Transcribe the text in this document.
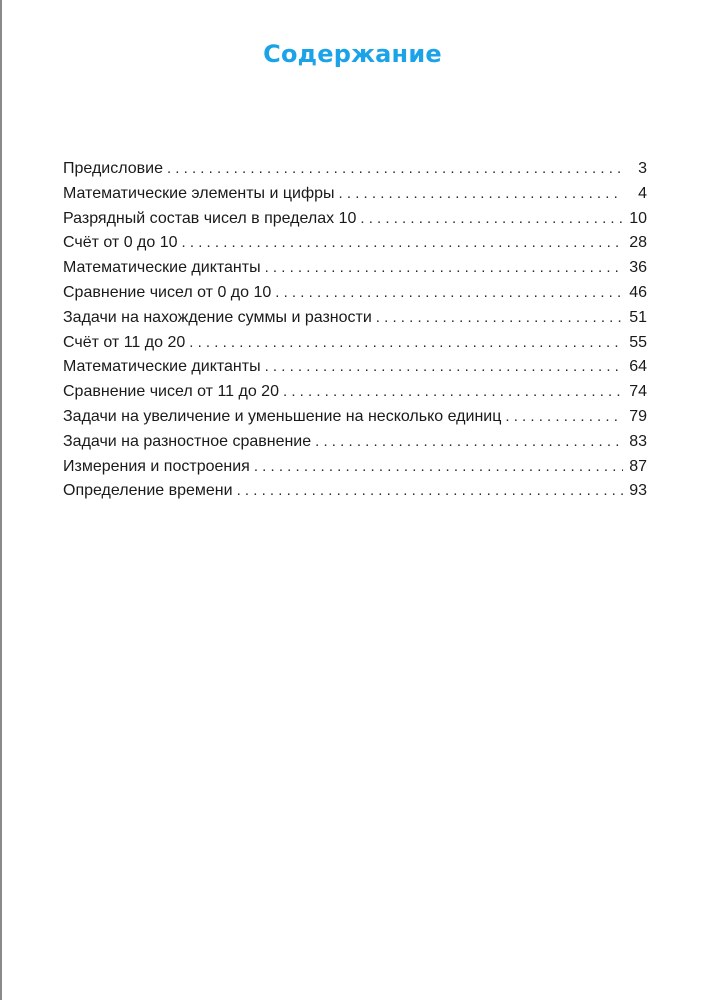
Содержание
Предисловие . . .	3
Математические элементы и цифры . . .	4
Разрядный состав чисел в пределах 10 . . .	10
Счёт от 0 до 10 . . .	28
Математические диктанты . . .	36
Сравнение чисел от 0 до 10 . . .	46
Задачи на нахождение суммы и разности . . .	51
Счёт от 11 до 20 . . .	55
Математические диктанты . . .	64
Сравнение чисел от 11 до 20 . . .	74
Задачи на увеличение и уменьшение на несколько единиц . . .	79
Задачи на разностное сравнение . . .	83
Измерения и построения . . .	87
Определение времени . . .	93
